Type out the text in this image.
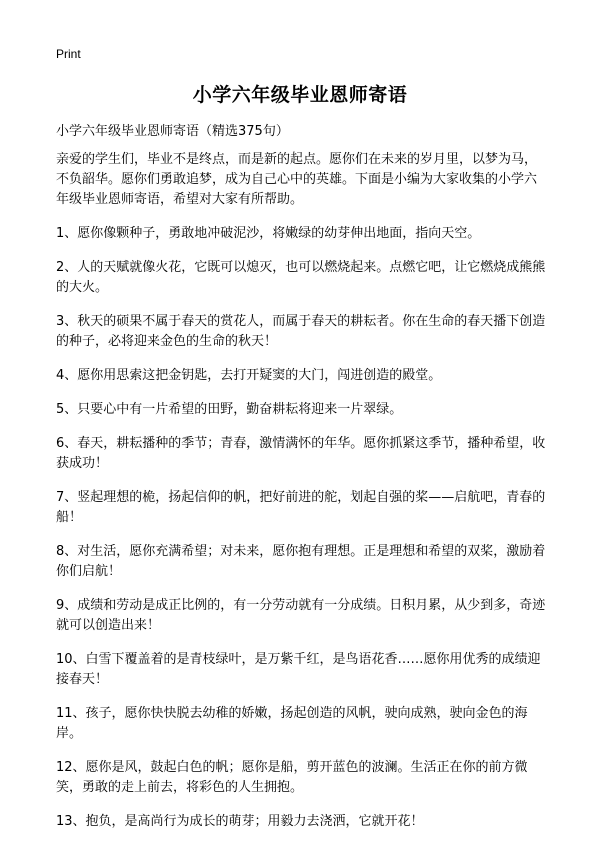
Print
小学六年级毕业恩师寄语

小学六年级毕业恩师寄语（精选375句）

亲爱的学生们，毕业不是终点，而是新的起点。愿你们在未来的岁月里，以梦为马，不负韶华。愿你们勇敢追梦，成为自己心中的英雄。下面是小编为大家收集的小学六年级毕业恩师寄语，希望对大家有所帮助。

1、愿你像颗种子，勇敢地冲破泥沙，将嫩绿的幼芽伸出地面，指向天空。

2、人的天赋就像火花，它既可以熄灭，也可以燃烧起来。点燃它吧，让它燃烧成熊熊的大火。

3、秋天的硕果不属于春天的赏花人，而属于春天的耕耘者。你在生命的春天播下创造的种子，必将迎来金色的生命的秋天！

4、愿你用思索这把金钥匙，去打开疑窦的大门，闯进创造的殿堂。

5、只要心中有一片希望的田野，勤奋耕耘将迎来一片翠绿。

6、春天，耕耘播种的季节；青春，激情满怀的年华。愿你抓紧这季节，播种希望，收获成功！

7、竖起理想的桅，扬起信仰的帆，把好前进的舵，划起自强的桨——启航吧，青春的船！

8、对生活，愿你充满希望；对未来，愿你抱有理想。正是理想和希望的双桨，激励着你们启航！

9、成绩和劳动是成正比例的，有一分劳动就有一分成绩。日积月累，从少到多，奇迹就可以创造出来！

10、白雪下覆盖着的是青枝绿叶，是万紫千红，是鸟语花香……愿你用优秀的成绩迎接春天！

11、孩子，愿你快快脱去幼稚的娇嫩，扬起创造的风帆，驶向成熟，驶向金色的海岸。

12、愿你是风，鼓起白色的帆；愿你是船，剪开蓝色的波澜。生活正在你的前方微笑，勇敢的走上前去，将彩色的人生拥抱。

13、抱负，是高尚行为成长的萌芽；用毅力去浇洒，它就开花！
